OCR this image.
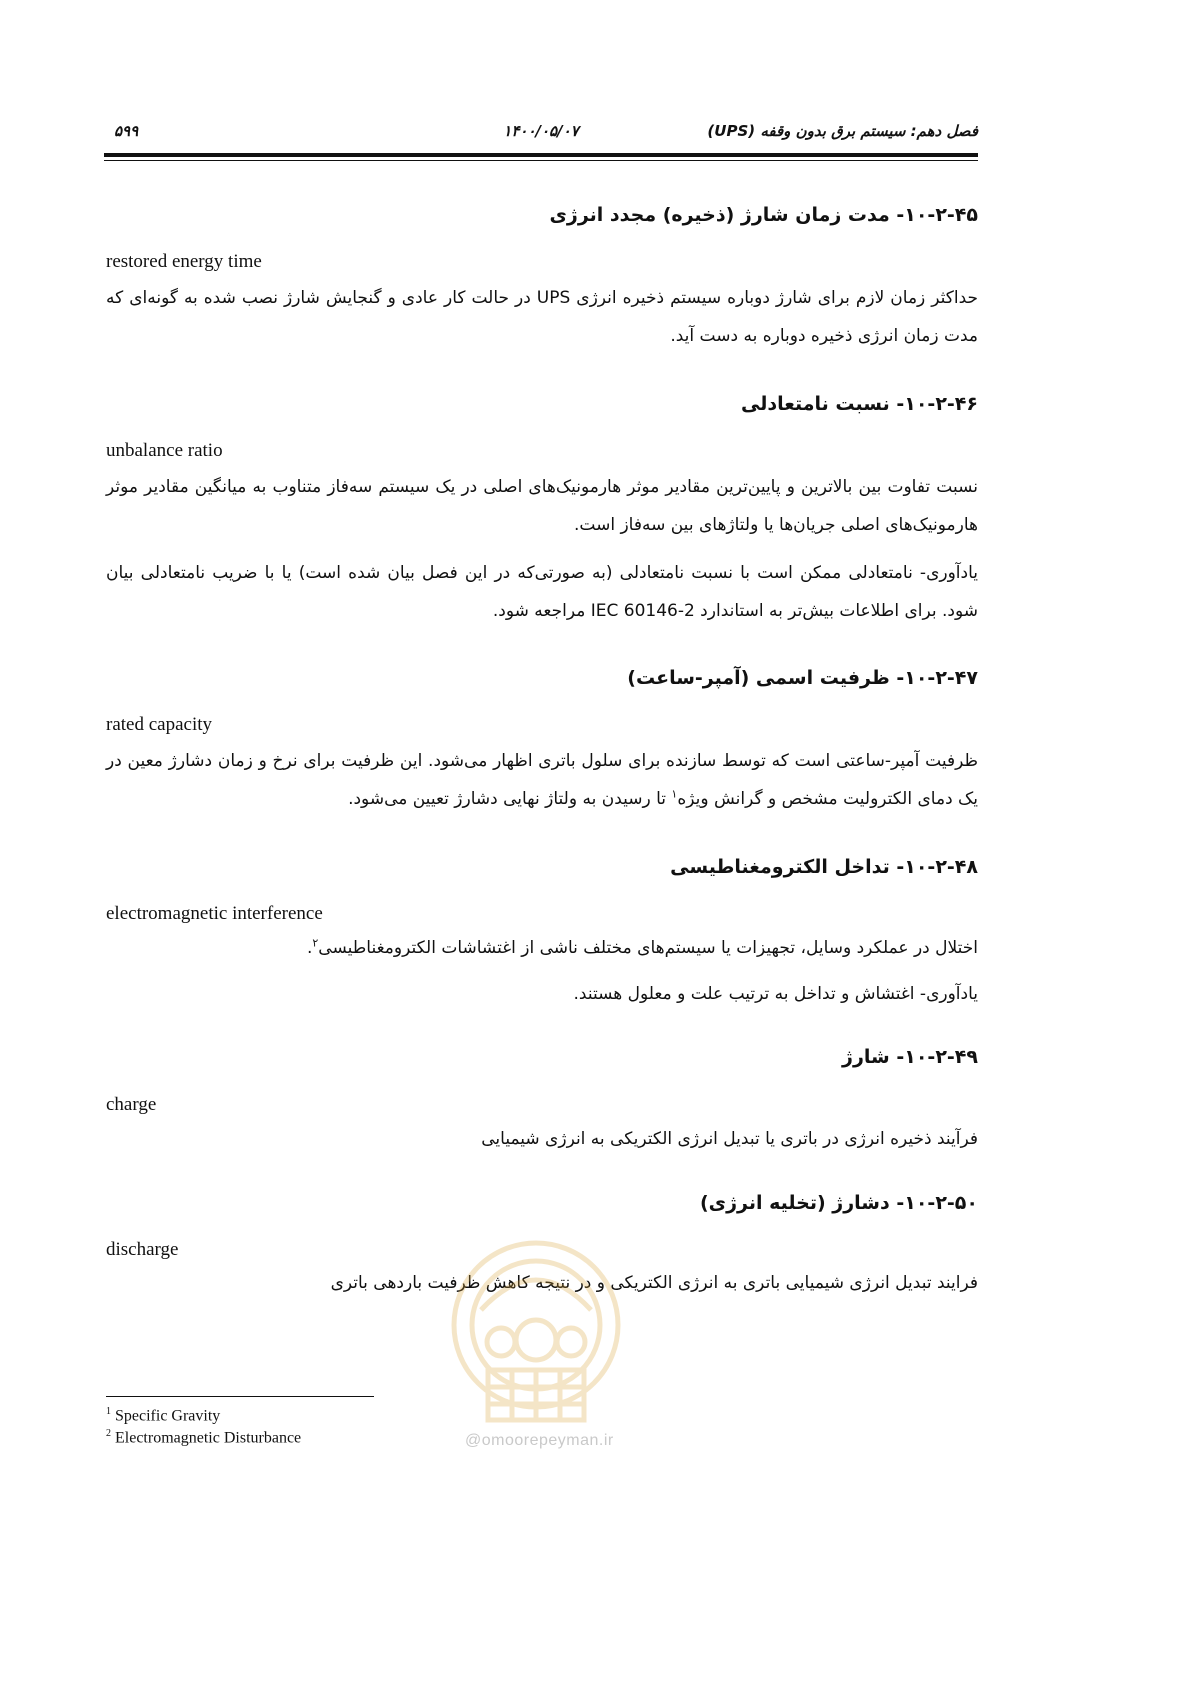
فصل دهم: سیستم برق بدون وقفه (UPS)
۱۴۰۰/۰۵/۰۷
۵۹۹
۱۰-۲-۴۵- مدت زمان شارژ (ذخیره) مجدد انرژی
restored energy time

حداکثر زمان لازم برای شارژ دوباره سیستم ذخیره انرژی UPS در حالت کار عادی و گنجایش شارژ نصب شده به گونه‌ای که مدت زمان انرژی ذخیره دوباره به دست آید.

۱۰-۲-۴۶- نسبت نامتعادلی
unbalance ratio

نسبت تفاوت بین بالاترین و پایین‌ترین مقادیر موثر هارمونیک‌های اصلی در یک سیستم سه‌فاز متناوب به میانگین مقادیر موثر هارمونیک‌های اصلی جریان‌ها یا ولتاژهای بین سه‌فاز است.

یادآوری- نامتعادلی ممکن است با نسبت نامتعادلی (به صورتی‌که در این فصل بیان شده است) یا با ضریب نامتعادلی بیان شود. برای اطلاعات بیش‌تر به استاندارد IEC 60146-2 مراجعه شود.

۱۰-۲-۴۷- ظرفیت اسمی (آمپر-ساعت)
rated capacity

ظرفیت آمپر-ساعتی است که توسط سازنده برای سلول باتری اظهار می‌شود. این ظرفیت برای نرخ و زمان دشارژ معین در یک دمای الکترولیت مشخص و گرانش ویژه$^۱$ تا رسیدن به ولتاژ نهایی دشارژ تعیین می‌شود.

۱۰-۲-۴۸- تداخل الکترومغناطیسی
electromagnetic interference

اختلال در عملکرد وسایل، تجهیزات یا سیستم‌های مختلف ناشی از اغتشاشات الکترومغناطیسی$^۲$.

یادآوری- اغتشاش و تداخل به ترتیب علت و معلول هستند.

۱۰-۲-۴۹- شارژ
charge

فرآیند ذخیره انرژی در باتری یا تبدیل انرژی الکتریکی به انرژی شیمیایی

۱۰-۲-۵۰- دشارژ (تخلیه انرژی)
discharge

فرایند تبدیل انرژی شیمیایی باتری به انرژی الکتریکی و در نتیجه کاهش ظرفیت باردهی باتری

@omoorepeyman.ir
$^1$ Specific Gravity
$^2$ Electromagnetic Disturbance
